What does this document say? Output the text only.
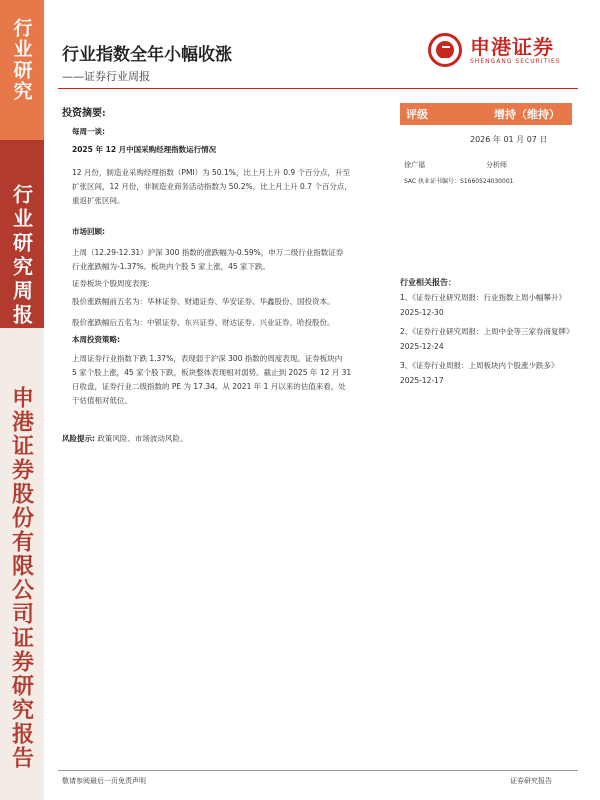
行业研究
行业研究周报
申港证券股份有限公司证券研究报告
行业指数全年小幅收涨
——证券行业周报
申港证券
SHENGANG SECURITIES
投资摘要:
每周一谈:
2025 年 12 月中国采购经理指数运行情况
12 月份，制造业采购经理指数（PMI）为 50.1%，比上月上升 0.9 个百分点，升至
扩张区间，12 月份，非制造业商务活动指数为 50.2%，比上月上升 0.7 个百分点，
重返扩张区间。
市场回顾:
上周（12.29-12.31）沪深 300 指数的涨跌幅为-0.59%，申万二级行业指数证券
行业涨跌幅为-1.37%。板块内个股 5 家上涨，45 家下跌。
证券板块个股周度表现:
股价涨跌幅前五名为：华林证券、财通证券、华安证券、华鑫股份、国投资本。
股价涨跌幅后五名为：中银证券、东兴证券、财达证券、兴业证券、哈投股份。
本周投资策略:
上周证券行业指数下跌 1.37%，表现弱于沪深 300 指数的周度表现。证券板块内
5 家个股上涨，45 家个股下跌，板块整体表现相对弱势。截止到 2025 年 12 月 31
日收盘，证券行业二级指数的 PE 为 17.34。从 2021 年 1 月以来的估值来看，处
于估值相对低位。
风险提示: 政策风险、市场波动风险。
评级	增持（维持）
2026 年 01 月 07 日
徐广福	分析师
SAC 执业证书编号：S1660524030001
行业相关报告：
1、《证券行业研究周报：行业指数上周小幅攀升》2025-12-30
2、《证券行业研究周报：上周中金等三家券商复牌》2025-12-24
3、《证券行业周报：上周板块内个股涨少跌多》2025-12-17
敬请参阅最后一页免责声明	证券研究报告
